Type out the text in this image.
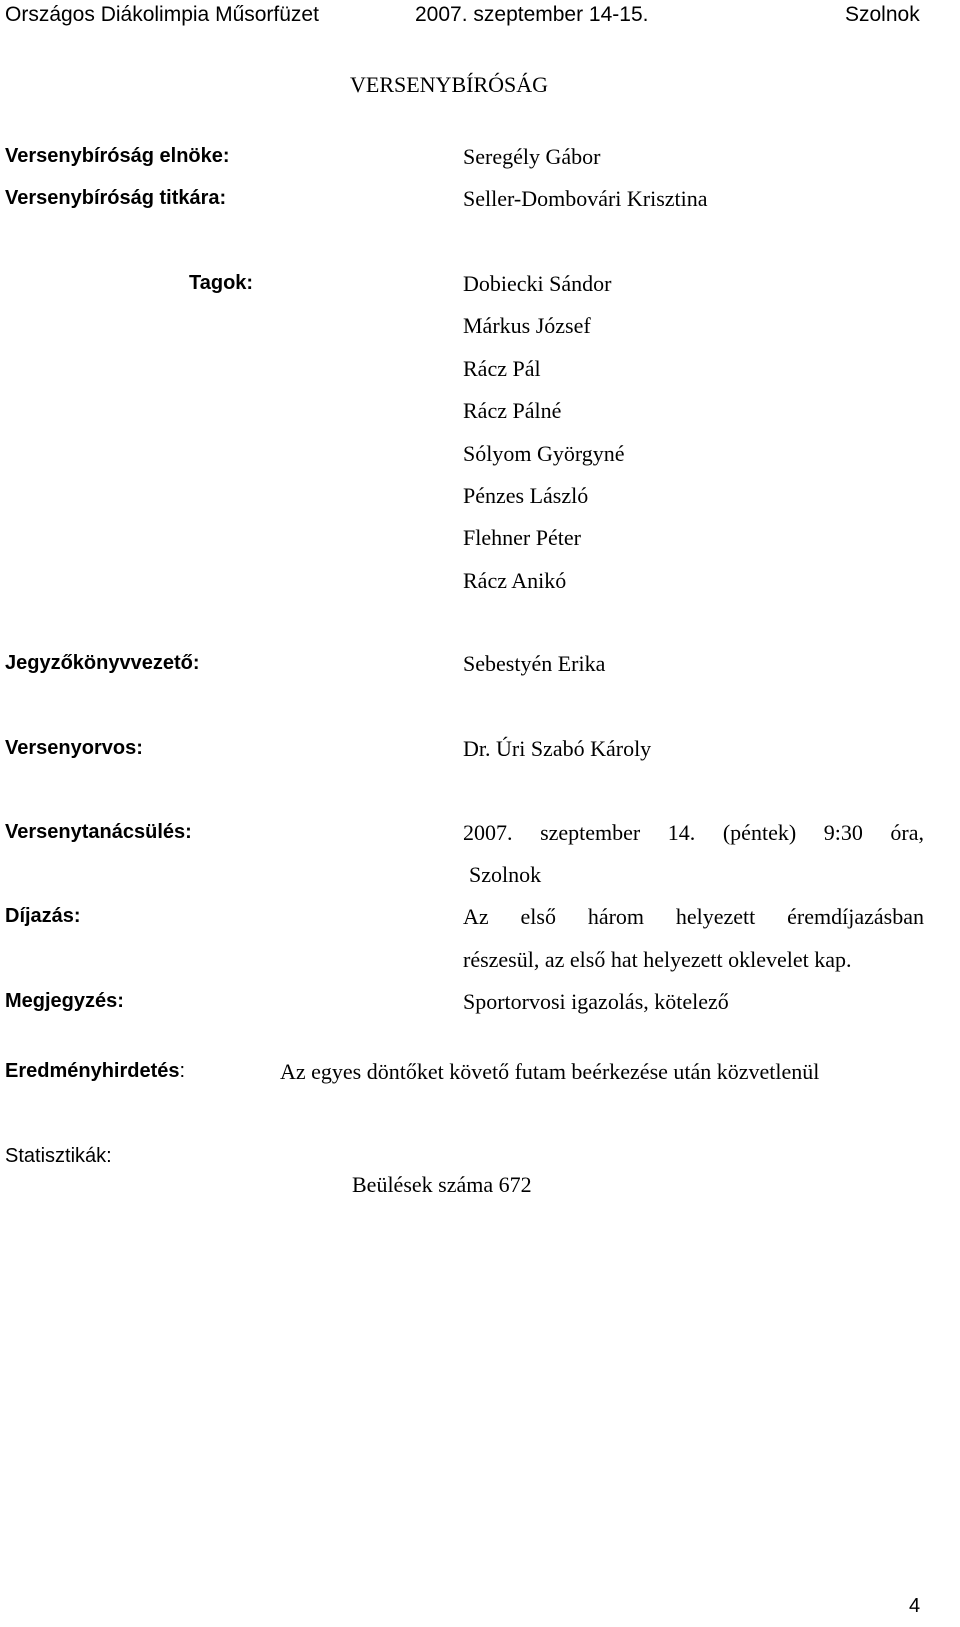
Országos Diákolimpia Műsorfüzet	2007. szeptember 14-15.	Szolnok
VERSENYBÍRÓSÁG
Versenybíróság elnöke:	Seregély Gábor
Versenybíróság titkára:	Seller-Dombovári Krisztina
Tagok:	Dobiecki Sándor
Márkus József
Rácz Pál
Rácz Pálné
Sólyom Györgyné
Pénzes László
Flehner Péter
Rácz Anikó
Jegyzőkönyvvezető:	Sebestyén Erika
Versenyorvos:	Dr. Úri Szabó Károly
Versenytanácsülés:	2007. szeptember 14. (péntek) 9:30 óra,
Szolnok
Díjazás:	Az első három helyezett éremdíjazásban
részesül, az első hat helyezett oklevelet kap.
Megjegyzés:	Sportorvosi igazolás, kötelező
Eredményhirdetés:	Az egyes döntőket követő futam beérkezése után közvetlenül
Statisztikák:
Beülések száma 672
4
